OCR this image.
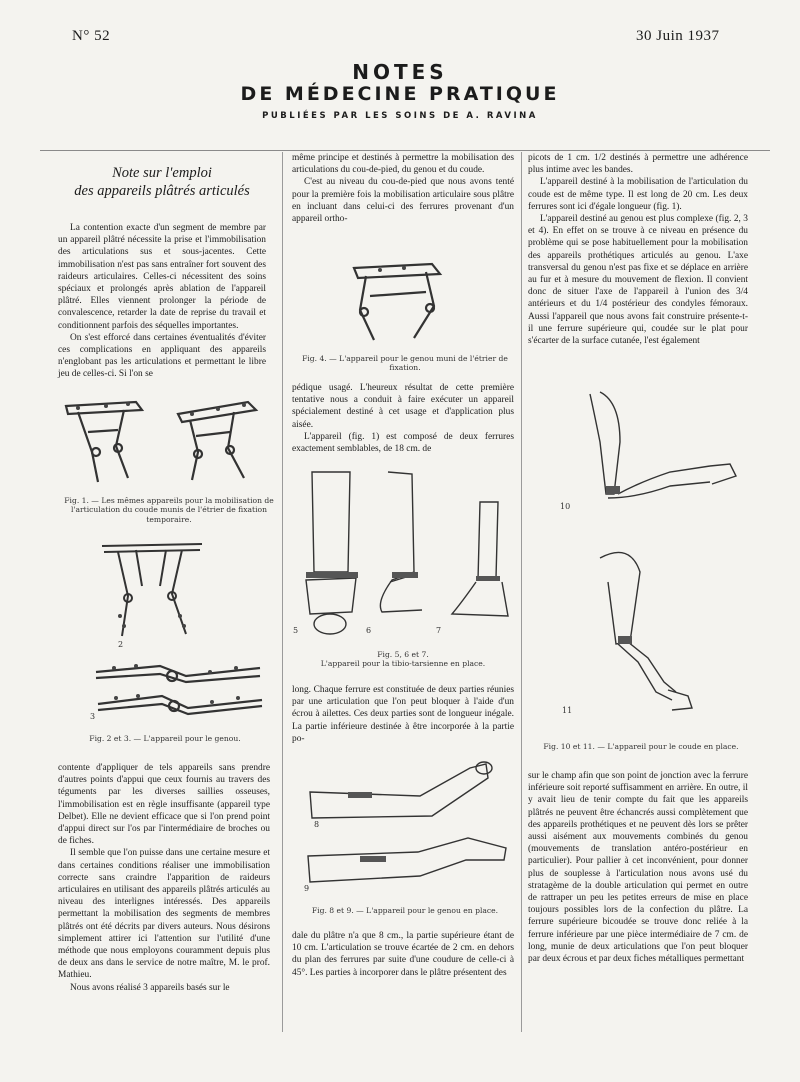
N° 52	30 Juin 1937
NOTES
DE MÉDECINE PRATIQUE
PUBLIÉES PAR LES SOINS DE A. RAVINA
Note sur l'emploi
des appareils plâtrés articulés

La contention exacte d'un segment de membre par un appareil plâtré nécessite la prise et l'immobilisation des articulations sus et sous-jacentes. Cette immobilisation n'est pas sans entraîner fort souvent des raideurs articulaires. Celles-ci nécessitent des soins spéciaux et prolongés après ablation de l'appareil plâtré. Elles viennent prolonger la période de convalescence, retarder la date de reprise du travail et conditionnent parfois des séquelles importantes.

On s'est efforcé dans certaines éventualités d'éviter ces complications en appliquant des appareils n'englobant pas les articulations et permettant le libre jeu de celles-ci. Si l'on se

Fig. 1. — Les mêmes appareils pour la mobilisation de l'articulation du coude munis de l'étrier de fixation temporaire.
2
3
Fig. 2 et 3. — L'appareil pour le genou.

contente d'appliquer de tels appareils sans prendre d'autres points d'appui que ceux fournis au travers des téguments par les diverses saillies osseuses, l'immobilisation est en règle insuffisante (appareil type Delbet). Elle ne devient efficace que si l'on prend point d'appui direct sur l'os par l'intermédiaire de broches ou de fiches.

Il semble que l'on puisse dans une certaine mesure et dans certaines conditions réaliser une immobilisation correcte sans craindre l'apparition de raideurs articulaires en utilisant des appareils plâtrés articulés au niveau des interlignes intéressés. Des appareils permettant la mobilisation des segments de membres plâtrés ont été décrits par divers auteurs. Nous désirons simplement attirer ici l'attention sur l'utilité d'une méthode que nous employons couramment depuis plus de deux ans dans le service de notre maître, M. le prof. Mathieu.

Nous avons réalisé 3 appareils basés sur le

même principe et destinés à permettre la mobilisation des articulations du cou-de-pied, du genou et du coude.

C'est au niveau du cou-de-pied que nous avons tenté pour la première fois la mobilisation articulaire sous plâtre en incluant dans celui-ci des ferrures provenant d'un appareil ortho-

Fig. 4. — L'appareil pour le genou muni de l'étrier de fixation.

pédique usagé. L'heureux résultat de cette première tentative nous a conduit à faire exécuter un appareil spécialement destiné à cet usage et d'application plus aisée.

L'appareil (fig. 1) est composé de deux ferrures exactement semblables, de 18 cm. de

5	6	7
Fig. 5, 6 et 7.
L'appareil pour la tibio-tarsienne en place.

long. Chaque ferrure est constituée de deux parties réunies par une articulation que l'on peut bloquer à l'aide d'un écrou à ailettes. Ces deux parties sont de longueur inégale. La partie inférieure destinée à être incorporée à la partie po-

8
9
Fig. 8 et 9. — L'appareil pour le genou en place.

dale du plâtre n'a que 8 cm., la partie supérieure étant de 10 cm. L'articulation se trouve écartée de 2 cm. en dehors du plan des ferrures par suite d'une coudure de celle-ci à 45°. Les parties à incorporer dans le plâtre présentent des

picots de 1 cm. 1/2 destinés à permettre une adhérence plus intime avec les bandes.

L'appareil destiné à la mobilisation de l'articulation du coude est de même type. Il est long de 20 cm. Les deux ferrures sont ici d'égale longueur (fig. 1).

L'appareil destiné au genou est plus complexe (fig. 2, 3 et 4). En effet on se trouve à ce niveau en présence du problème qui se pose habituellement pour la mobilisation des appareils prothétiques articulés au genou. L'axe transversal du genou n'est pas fixe et se déplace en arrière au fur et à mesure du mouvement de flexion. Il convient donc de situer l'axe de l'appareil à l'union des 3/4 antérieurs et du 1/4 postérieur des condyles fémoraux. Aussi l'appareil que nous avons fait construire présente-t-il une ferrure supérieure qui, coudée sur le plat pour s'écarter de la surface cutanée, l'est également

10
11
Fig. 10 et 11. — L'appareil pour le coude en place.

sur le champ afin que son point de jonction avec la ferrure inférieure soit reporté suffisamment en arrière. En outre, il y avait lieu de tenir compte du fait que les appareils plâtrés ne peuvent être échancrés aussi complètement que des appareils prothétiques et ne peuvent dès lors se prêter aussi aisément aux mouvements combinés du genou (mouvements de translation antéro-postérieur en particulier). Pour pallier à cet inconvénient, pour donner plus de souplesse à l'articulation nous avons usé du stratagème de la double articulation qui permet en outre de rattraper un peu les petites erreurs de mise en place toujours possibles lors de la confection du plâtre. La ferrure supérieure bicoudée se trouve donc reliée à la ferrure inférieure par une pièce intermédiaire de 7 cm. de long, munie de deux articulations que l'on peut bloquer par deux écrous et par deux fiches métalliques permettant
